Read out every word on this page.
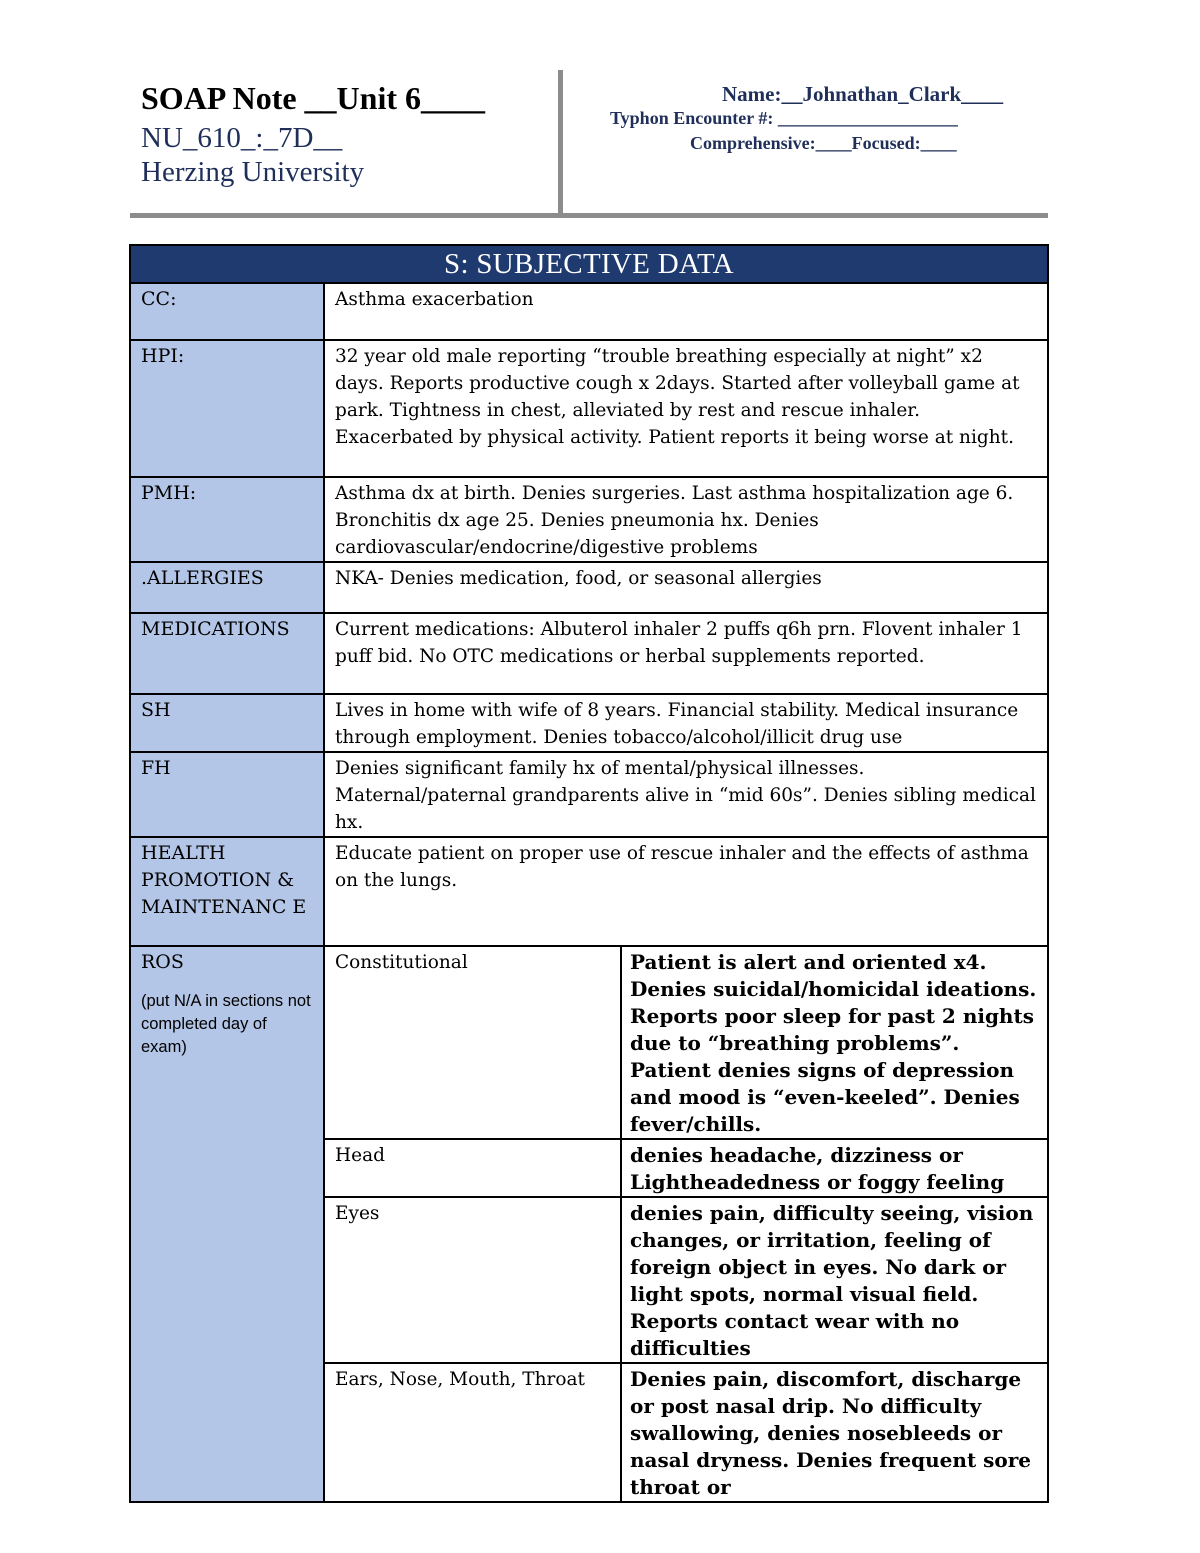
SOAP Note __Unit 6____
NU_610_:_7D__
Herzing University
Name:__Johnathan_Clark____
Typhon Encounter #: ____________________
Comprehensive:____Focused:____
S: SUBJECTIVE DATA		
CC:	Asthma exacerbation	
HPI:	32 year old male reporting “trouble breathing especially at night” x2 days. Reports productive cough x 2days. Started after volleyball game at park. Tightness in chest, alleviated by rest and rescue inhaler. Exacerbated by physical activity. Patient reports it being worse at night.	
PMH:	Asthma dx at birth. Denies surgeries. Last asthma hospitalization age 6. Bronchitis dx age 25. Denies pneumonia hx. Denies cardiovascular/endocrine/digestive problems	
.ALLERGIES	NKA- Denies medication, food, or seasonal allergies	
MEDICATIONS	Current medications: Albuterol inhaler 2 puffs q6h prn. Flovent inhaler 1 puff bid. No OTC medications or herbal supplements reported.	
SH	Lives in home with wife of 8 years. Financial stability. Medical insurance through employment. Denies tobacco/alcohol/illicit drug use	
FH	Denies significant family hx of mental/physical illnesses. Maternal/paternal grandparents alive in “mid 60s”. Denies sibling medical hx.	
HEALTH PROMOTION & MAINTENANC E	Educate patient on proper use of rescue inhaler and the effects of asthma on the lungs.	
ROS
(put N/A in sections not completed day of exam)	Constitutional	Patient is alert and oriented x4. Denies suicidal/homicidal ideations. Reports poor sleep for past 2 nights due to “breathing problems”. Patient denies signs of depression and mood is “even-keeled”. Denies fever/chills.
	Head	denies headache, dizziness or Lightheadedness or foggy feeling
	Eyes	denies pain, difficulty seeing, vision changes, or irritation, feeling of foreign object in eyes. No dark or light spots, normal visual field. Reports contact wear with no difficulties
	Ears, Nose, Mouth, Throat	Denies pain, discomfort, discharge or post nasal drip. No difficulty swallowing, denies nosebleeds or nasal dryness. Denies frequent sore throat or
